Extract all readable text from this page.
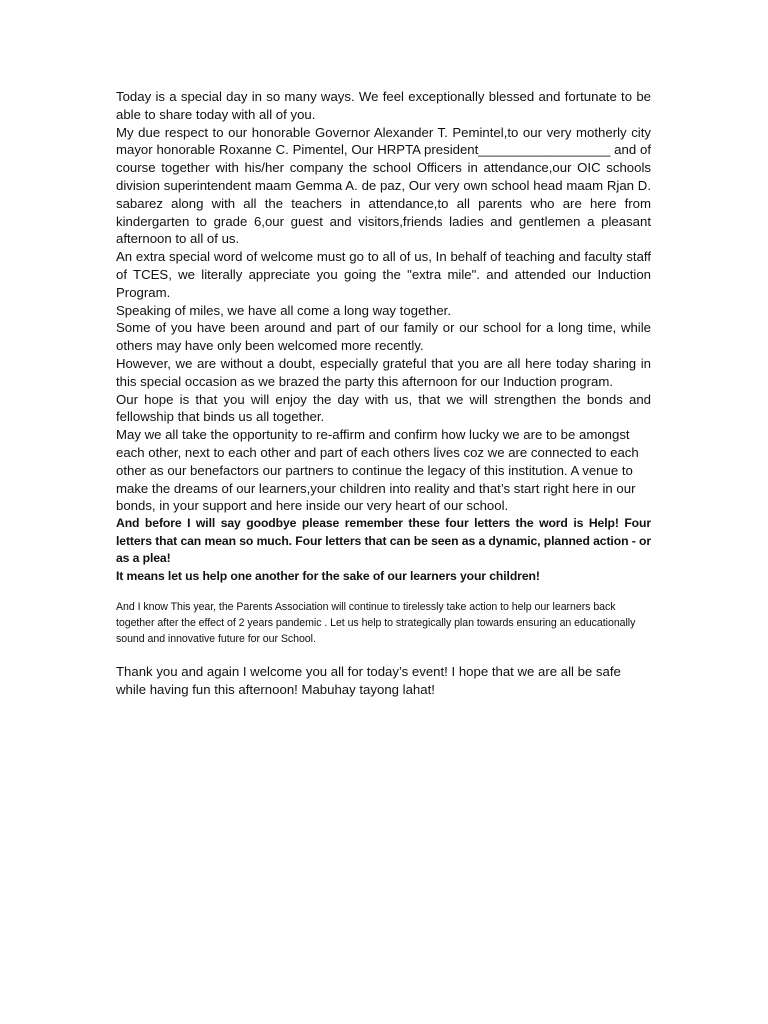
Today is a special day in so many ways. We feel exceptionally blessed and fortunate to be able to share today with all of you.

My due respect to our honorable Governor Alexander T. Pemintel,to our very motherly city mayor honorable Roxanne C. Pimentel, Our HRPTA president__________________ and of course together with his/her company the school Officers in attendance,our OIC schools division superintendent maam Gemma A. de paz, Our very own school head maam Rjan D. sabarez along with all the teachers in attendance,to all parents who are here from kindergarten to grade 6,our guest and visitors,friends ladies and gentlemen a pleasant afternoon to all of us.

An extra special word of welcome must go to all of us, In behalf of teaching and faculty staff of TCES, we literally appreciate you going the "extra mile". and attended our Induction Program.

Speaking of miles, we have all come a long way together.

Some of you have been around and part of our family or our school for a long time, while others may have only been welcomed more recently.

However, we are without a doubt, especially grateful that you are all here today sharing in this special occasion as we brazed the party this afternoon for our Induction program.

Our hope is that you will enjoy the day with us, that we will strengthen the bonds and fellowship that binds us all together.

May we all take the opportunity to re-affirm and confirm how lucky we are to be amongst each other, next to each other and part of each others lives coz we are connected to each other as our benefactors our partners to continue the legacy of this institution. A venue to make the dreams of our learners,your children into reality and that’s start right here in our bonds, in your support and here inside our very heart of our school.

And before I will say goodbye please remember these four letters the word is Help! Four letters that can mean so much. Four letters that can be seen as a dynamic, planned action - or as a plea!

It means let us help one another for the sake of our learners your children!

And I know This year, the Parents Association will continue to tirelessly take action to help our learners back together after the effect of 2 years pandemic . Let us help to strategically plan towards ensuring an educationally sound and innovative future for our School.

Thank you and again I welcome you all for today’s event! I hope that we are all be safe while having fun this afternoon! Mabuhay tayong lahat!
